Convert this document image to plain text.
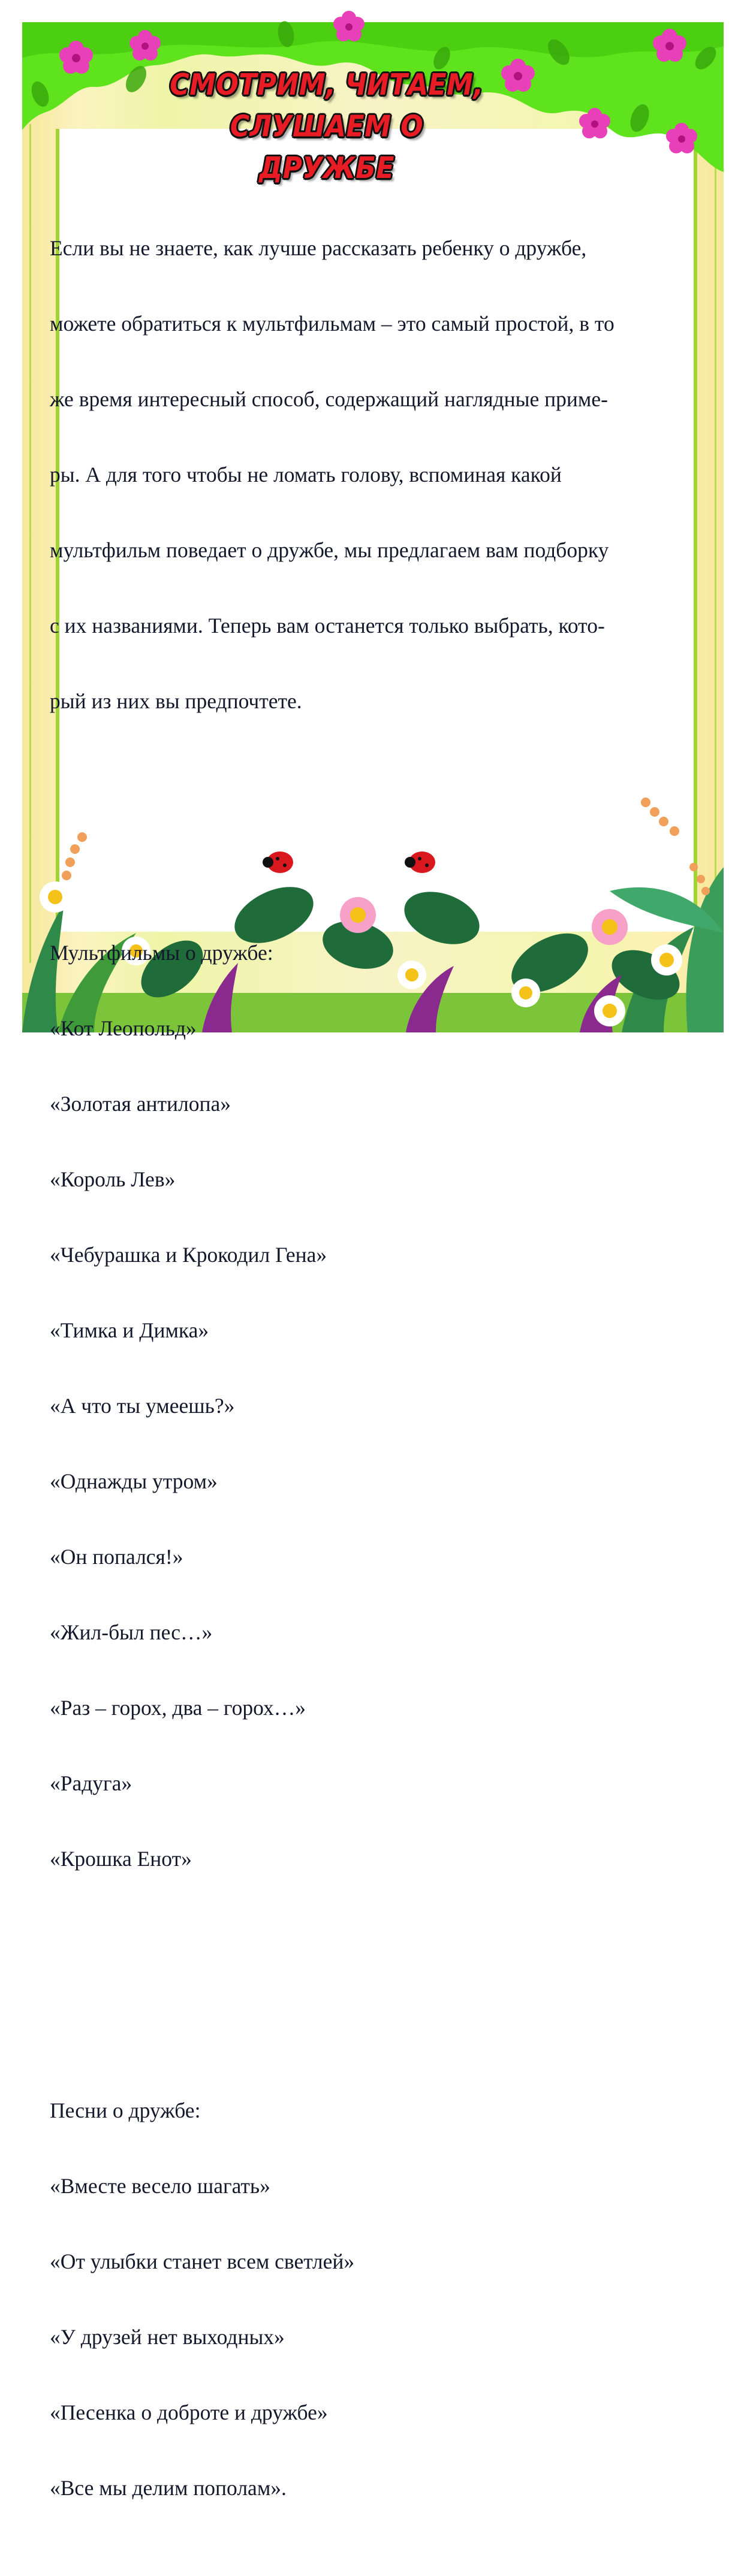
СМОТРИМ, ЧИТАЕМ,
СЛУШАЕМ О ДРУЖБЕ

Если вы не знаете, как лучше рассказать ребенку о дружбе,

можете обратиться к мультфильмам – это самый простой, в то

же время интересный способ, содержащий наглядные приме-

ры. А для того чтобы не ломать голову, вспоминая какой

мультфильм поведает о дружбе, мы предлагаем вам подборку

с их названиями. Теперь вам останется только выбрать, кото-

рый из них вы предпочтете.

Мультфильмы о дружбе:

«Кот Леопольд»

«Золотая антилопа»

«Король Лев»

«Чебурашка и Крокодил Гена»

«Тимка и Димка»

«А что ты умеешь?»

«Однажды утром»

«Он попался!»

«Жил-был пес…»

«Раз – горох, два – горох…»

«Радуга»

«Крошка Енот»

Песни о дружбе:

«Вместе весело шагать»

«От улыбки станет всем светлей»

«У друзей нет выходных»

«Песенка о доброте и дружбе»

«Все мы делим пополам».
